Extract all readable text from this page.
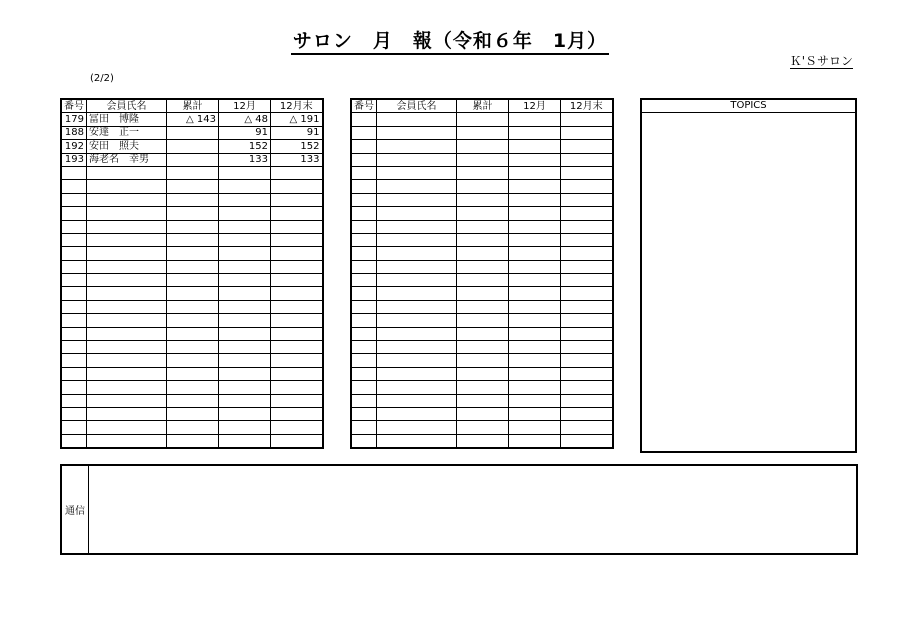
サロン　月　報（令和６年　1月）
Ｋ'Ｓサロン
(2/2)
番号	会員氏名	累計	12月	12月末
179	冨田　博隆	△ 143	△ 48	△ 191
188	安達　正一		91	91
192	安田　照夫		152	152
193	海老名　幸男		133	133

番号	会員氏名	累計	12月	12月末

					TOPICS
通信
